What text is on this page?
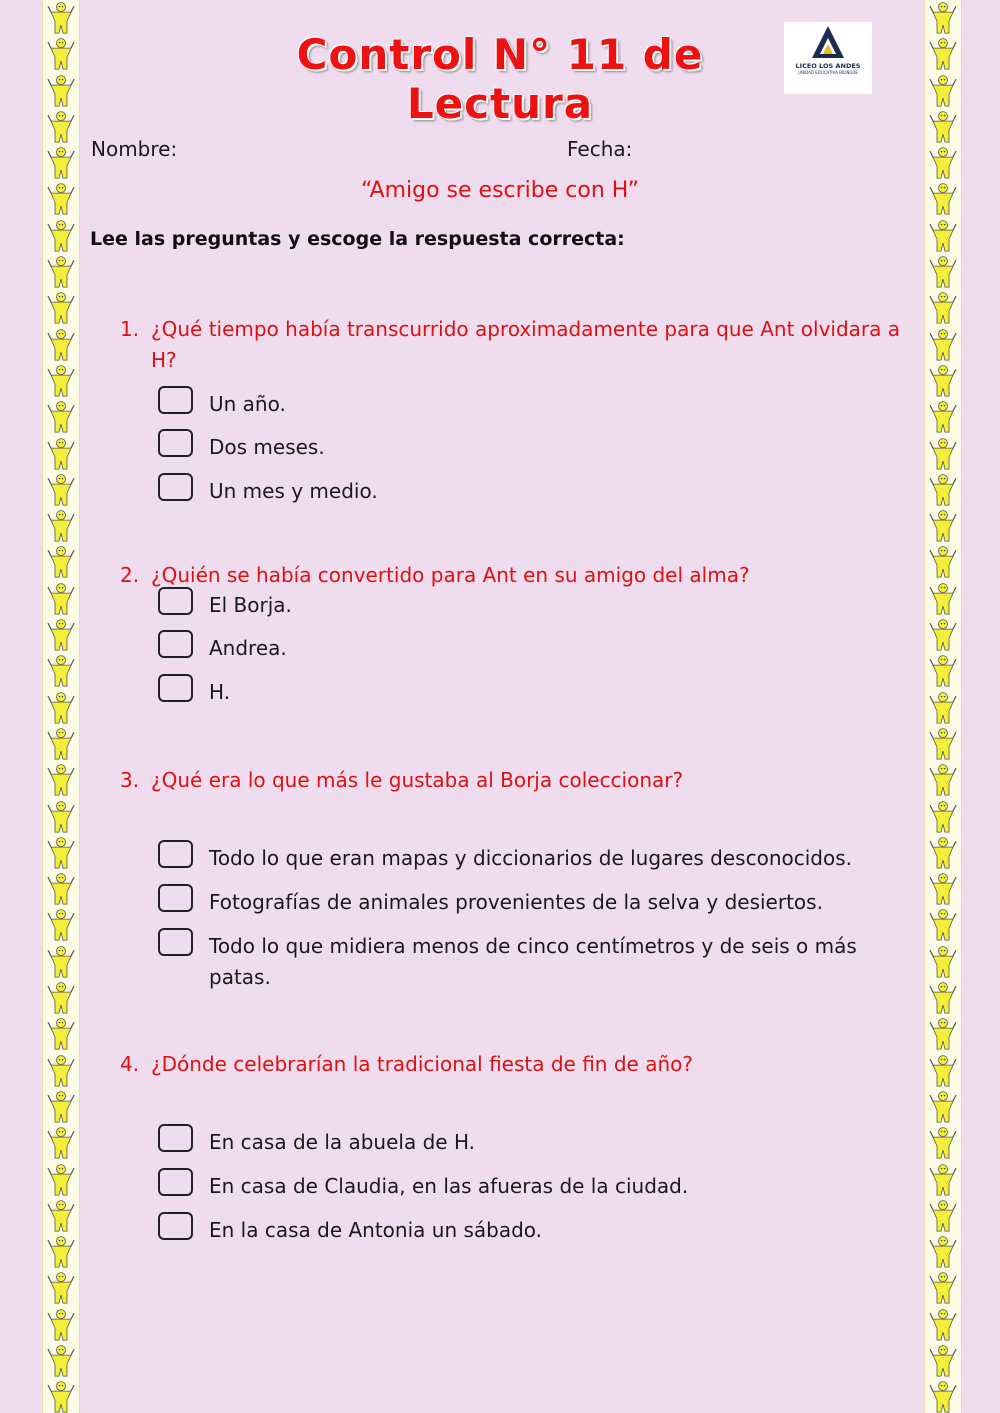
Control N° 11 de Lectura
LICEO LOS ANDES
UNIDAD EDUCATIVA BILINGÜE
Nombre:	Fecha:
“Amigo se escribe con H”
Lee las preguntas y escoge la respuesta correcta:
1. ¿Qué tiempo había transcurrido aproximadamente para que Ant olvidara a H?
Un año.
Dos meses.
Un mes y medio.
2. ¿Quién se había convertido para Ant en su amigo del alma?
El Borja.
Andrea.
H.
3. ¿Qué era lo que más le gustaba al Borja coleccionar?
Todo lo que eran mapas y diccionarios de lugares desconocidos.
Fotografías de animales provenientes de la selva y desiertos.
Todo lo que midiera menos de cinco centímetros y de seis o más patas.
4. ¿Dónde celebrarían la tradicional fiesta de fin de año?
En casa de la abuela de H.
En casa de Claudia, en las afueras de la ciudad.
En la casa de Antonia un sábado.
